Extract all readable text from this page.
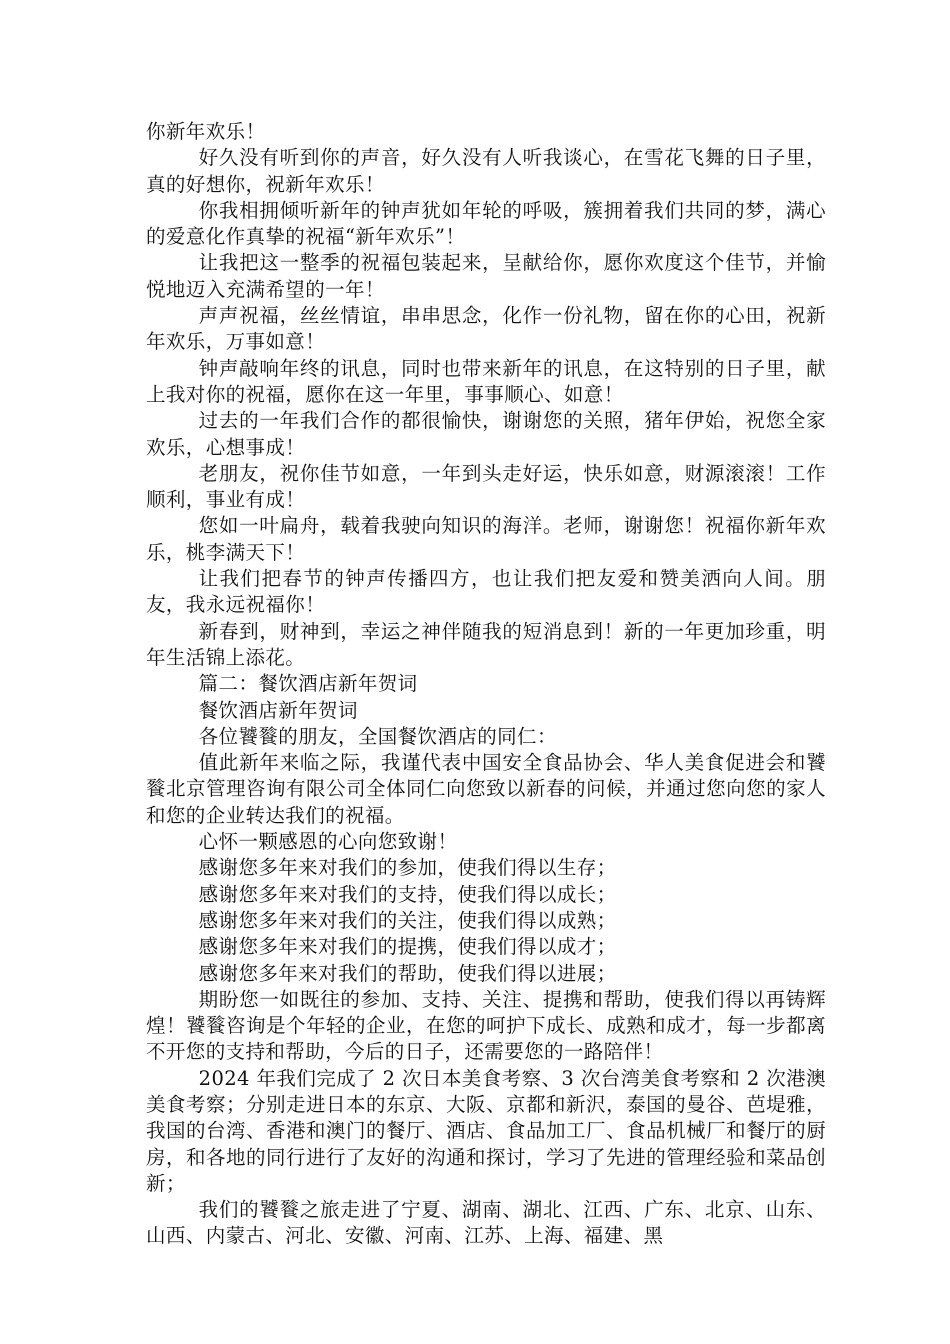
你新年欢乐！

好久没有听到你的声音，好久没有人听我谈心，在雪花飞舞的日子里，真的好想你，祝新年欢乐！

你我相拥倾听新年的钟声犹如年轮的呼吸，簇拥着我们共同的梦，满心的爱意化作真挚的祝福“新年欢乐”！

让我把这一整季的祝福包装起来，呈献给你，愿你欢度这个佳节，并愉悦地迈入充满希望的一年！

声声祝福，丝丝情谊，串串思念，化作一份礼物，留在你的心田，祝新年欢乐，万事如意！

钟声敲响年终的讯息，同时也带来新年的讯息，在这特别的日子里，献上我对你的祝福，愿你在这一年里，事事顺心、如意！

过去的一年我们合作的都很愉快，谢谢您的关照，猪年伊始，祝您全家欢乐，心想事成！

老朋友，祝你佳节如意，一年到头走好运，快乐如意，财源滚滚！工作顺利，事业有成！

您如一叶扁舟，载着我驶向知识的海洋。老师，谢谢您！祝福你新年欢乐，桃李满天下！

让我们把春节的钟声传播四方，也让我们把友爱和赞美洒向人间。朋友，我永远祝福你！

新春到，财神到，幸运之神伴随我的短消息到！新的一年更加珍重，明年生活锦上添花。

篇二：餐饮酒店新年贺词

餐饮酒店新年贺词

各位饕餮的朋友，全国餐饮酒店的同仁：

值此新年来临之际，我谨代表中国安全食品协会、华人美食促进会和饕餮北京管理咨询有限公司全体同仁向您致以新春的问候，并通过您向您的家人和您的企业转达我们的祝福。

心怀一颗感恩的心向您致谢！

感谢您多年来对我们的参加，使我们得以生存；

感谢您多年来对我们的支持，使我们得以成长；

感谢您多年来对我们的关注，使我们得以成熟；

感谢您多年来对我们的提携，使我们得以成才；

感谢您多年来对我们的帮助，使我们得以进展；

期盼您一如既往的参加、支持、关注、提携和帮助，使我们得以再铸辉煌！饕餮咨询是个年轻的企业，在您的呵护下成长、成熟和成才，每一步都离不开您的支持和帮助，今后的日子，还需要您的一路陪伴！

2024 年我们完成了 2 次日本美食考察、3 次台湾美食考察和 2 次港澳美食考察；分别走进日本的东京、大阪、京都和新沢，泰国的曼谷、芭堤雅，我国的台湾、香港和澳门的餐厅、酒店、食品加工厂、食品机械厂和餐厅的厨房，和各地的同行进行了友好的沟通和探讨，学习了先进的管理经验和菜品创新；

我们的饕餮之旅走进了宁夏、湖南、湖北、江西、广东、北京、山东、山西、内蒙古、河北、安徽、河南、江苏、上海、福建、黑
